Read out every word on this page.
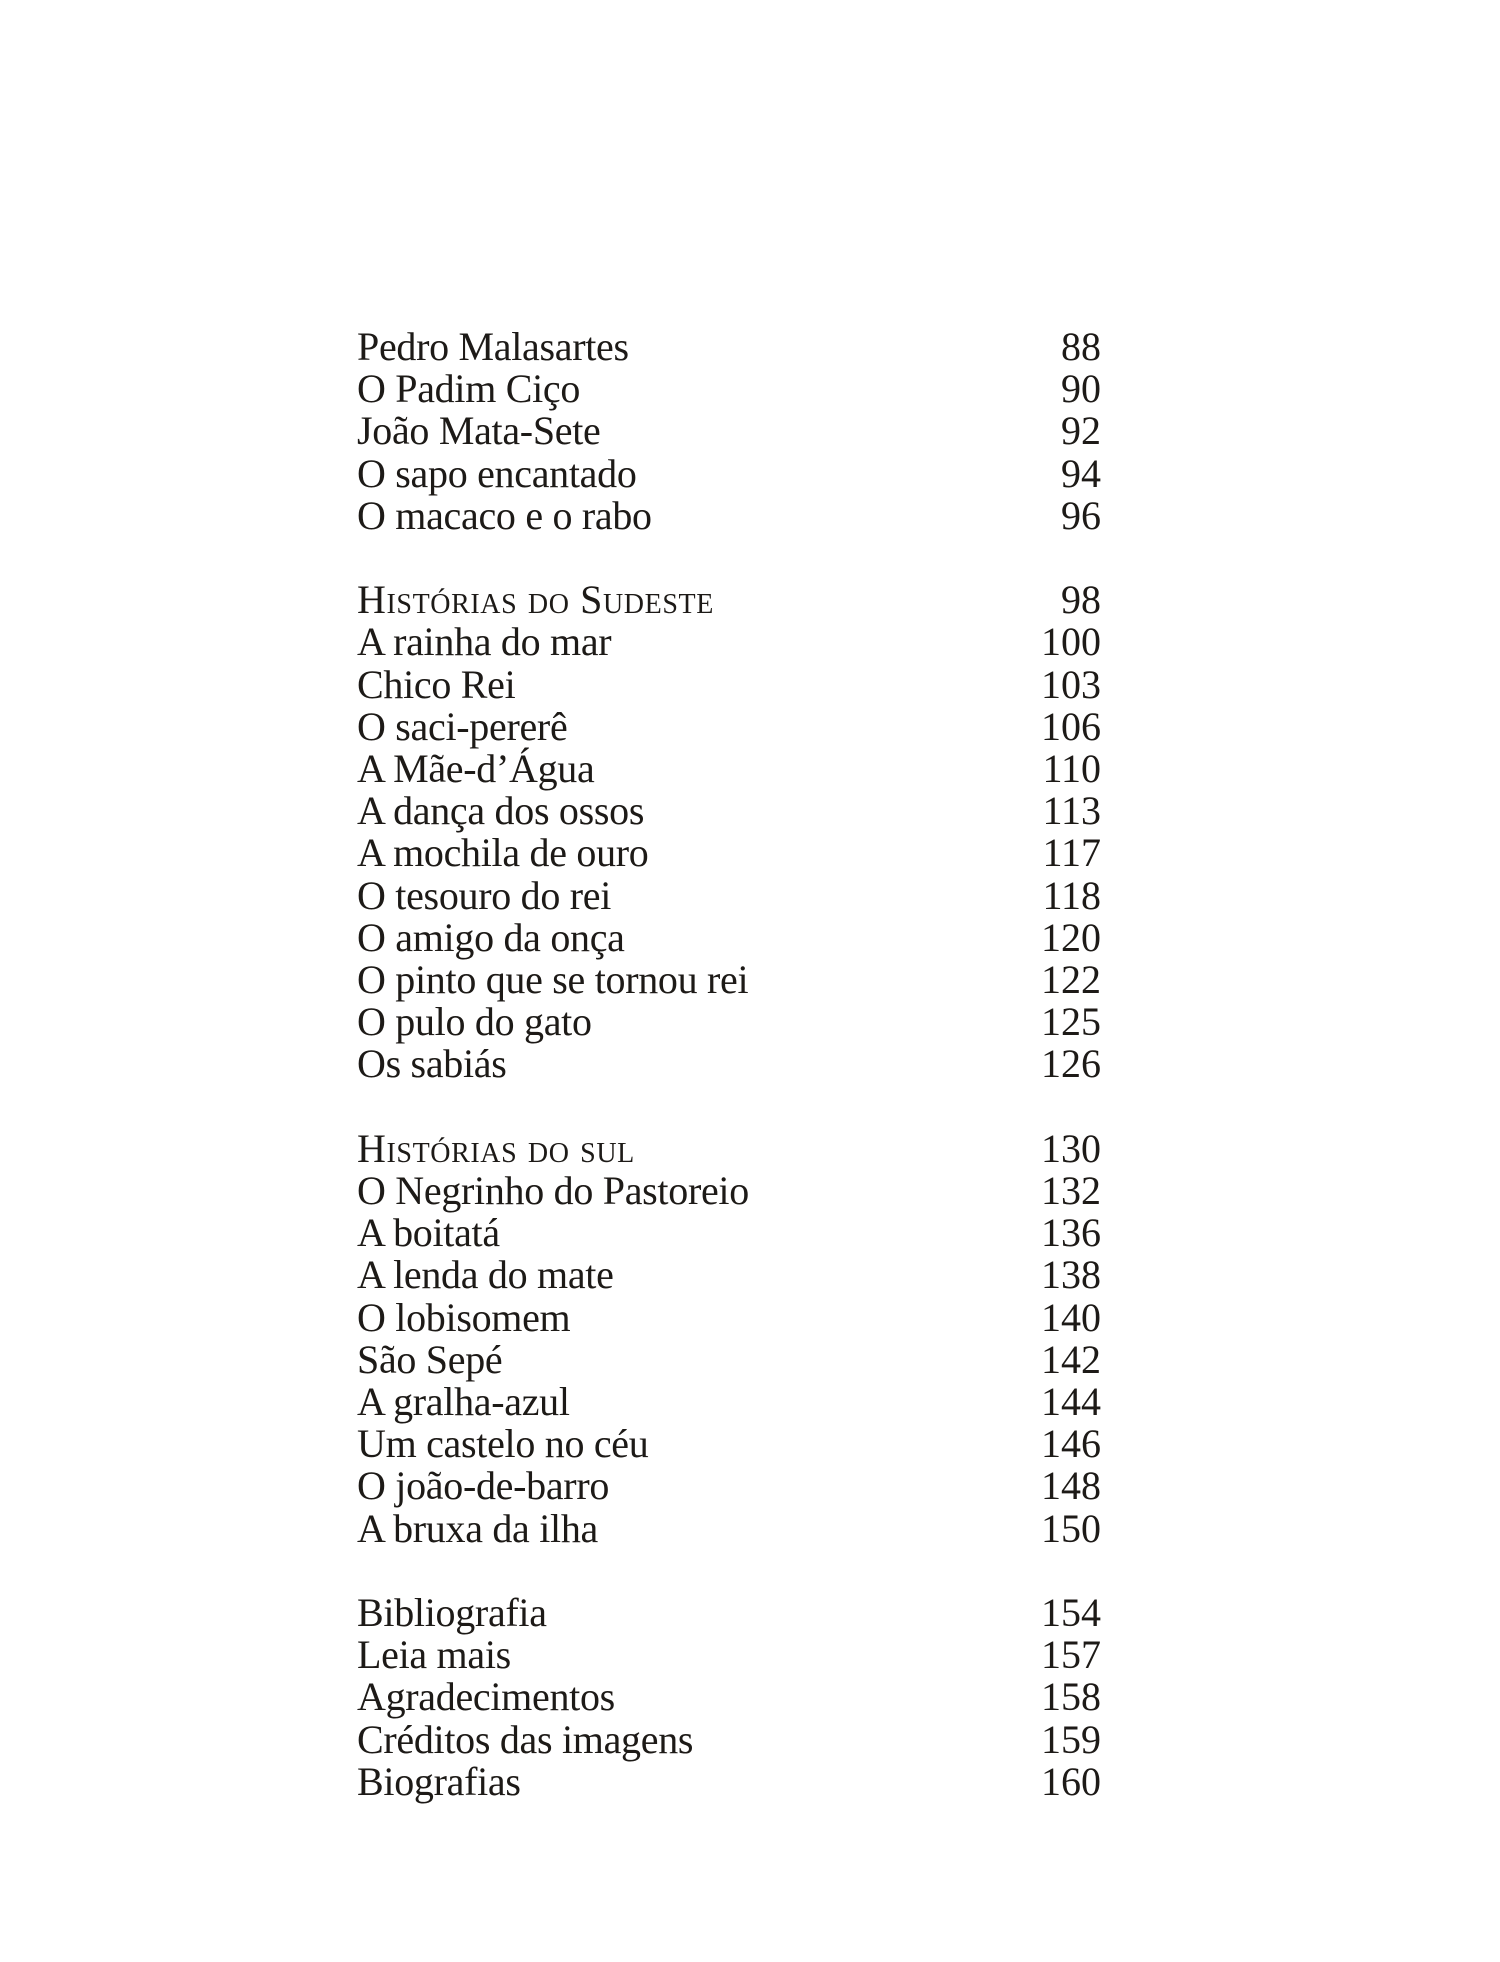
Pedro Malasartes	88
O Padim Ciço	90
João Mata-Sete	92
O sapo encantado	94
O macaco e o rabo	96
Histórias do Sudeste	98
A rainha do mar	100
Chico Rei	103
O saci-pererê	106
A Mãe-d’Água	110
A dança dos ossos	113
A mochila de ouro	117
O tesouro do rei	118
O amigo da onça	120
O pinto que se tornou rei	122
O pulo do gato	125
Os sabiás	126
Histórias do sul	130
O Negrinho do Pastoreio	132
A boitatá	136
A lenda do mate	138
O lobisomem	140
São Sepé	142
A gralha-azul	144
Um castelo no céu	146
O joão-de-barro	148
A bruxa da ilha	150
Bibliografia	154
Leia mais	157
Agradecimentos	158
Créditos das imagens	159
Biografias	160
